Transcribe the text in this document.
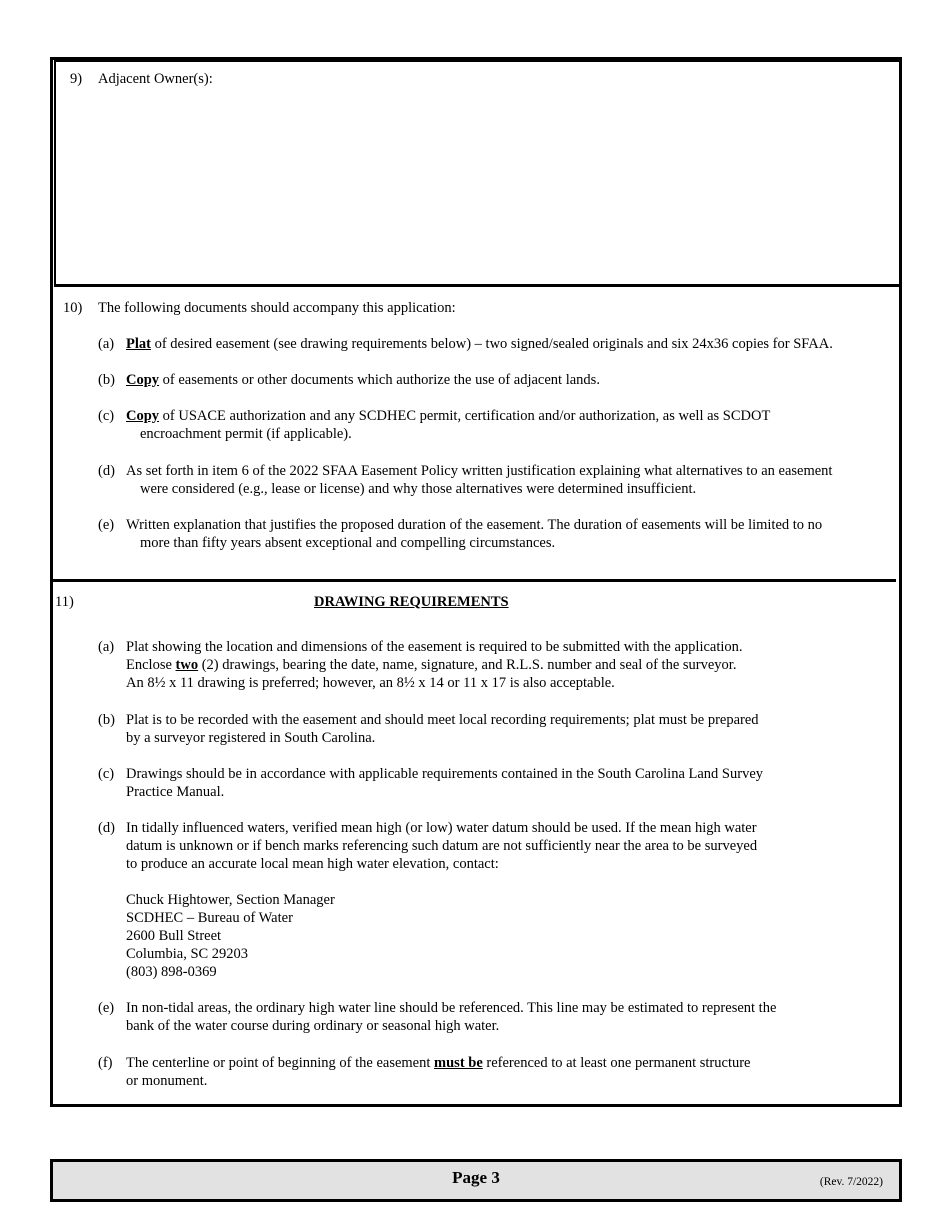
9) Adjacent Owner(s):
10) The following documents should accompany this application:
(a) Plat of desired easement (see drawing requirements below) – two signed/sealed originals and six 24x36 copies for SFAA.
(b) Copy of easements or other documents which authorize the use of adjacent lands.
(c) Copy of USACE authorization and any SCDHEC permit, certification and/or authorization, as well as SCDOT
encroachment permit (if applicable).
(d) As set forth in item 6 of the 2022 SFAA Easement Policy written justification explaining what alternatives to an easement
were considered (e.g., lease or license) and why those alternatives were determined insufficient.
(e) Written explanation that justifies the proposed duration of the easement. The duration of easements will be limited to no
more than fifty years absent exceptional and compelling circumstances.
11)	DRAWING REQUIREMENTS
(a) Plat showing the location and dimensions of the easement is required to be submitted with the application.
Enclose two (2) drawings, bearing the date, name, signature, and R.L.S. number and seal of the surveyor.
An 8½ x 11 drawing is preferred; however, an 8½ x 14 or 11 x 17 is also acceptable.
(b) Plat is to be recorded with the easement and should meet local recording requirements; plat must be prepared
by a surveyor registered in South Carolina.
(c) Drawings should be in accordance with applicable requirements contained in the South Carolina Land Survey
Practice Manual.
(d) In tidally influenced waters, verified mean high (or low) water datum should be used. If the mean high water
datum is unknown or if bench marks referencing such datum are not sufficiently near the area to be surveyed
to produce an accurate local mean high water elevation, contact:
Chuck Hightower, Section Manager
SCDHEC – Bureau of Water
2600 Bull Street
Columbia, SC 29203
(803) 898-0369
(e) In non-tidal areas, the ordinary high water line should be referenced. This line may be estimated to represent the
bank of the water course during ordinary or seasonal high water.
(f) The centerline or point of beginning of the easement must be referenced to at least one permanent structure
or monument.
Page 3	(Rev. 7/2022)
